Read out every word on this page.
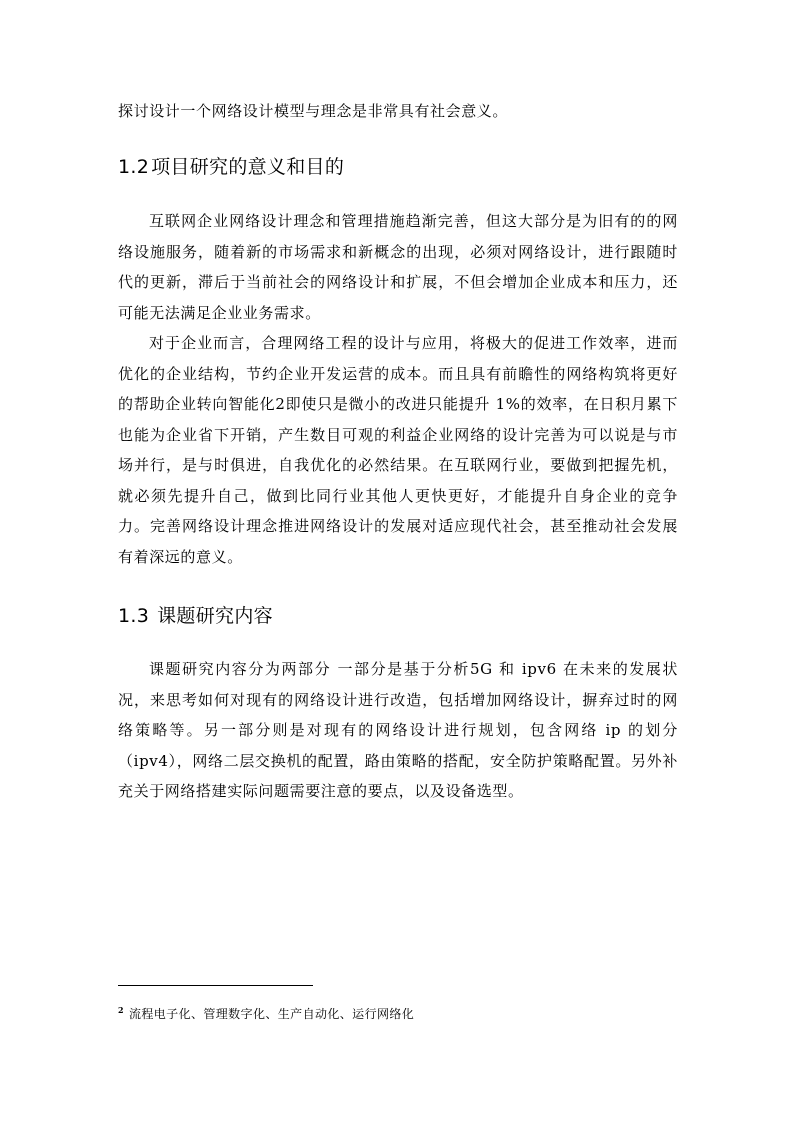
探讨设计一个网络设计模型与理念是非常具有社会意义。

1.2 项目研究的意义和目的

互联网企业网络设计理念和管理措施趋渐完善，但这大部分是为旧有的的网络设施服务，随着新的市场需求和新概念的出现，必须对网络设计，进行跟随时代的更新，滞后于当前社会的网络设计和扩展，不但会增加企业成本和压力，还可能无法满足企业业务需求。

对于企业而言，合理网络工程的设计与应用，将极大的促进工作效率，进而优化的企业结构，节约企业开发运营的成本。而且具有前瞻性的网络构筑将更好的帮助企业转向智能化2即使只是微小的改进只能提升 1%的效率，在日积月累下也能为企业省下开销，产生数目可观的利益企业网络的设计完善为可以说是与市场并行，是与时俱进，自我优化的必然结果。在互联网行业，要做到把握先机，就必须先提升自己，做到比同行业其他人更快更好，才能提升自身企业的竞争力。完善网络设计理念推进网络设计的发展对适应现代社会，甚至推动社会发展有着深远的意义。

1.3 课题研究内容

课题研究内容分为两部分 一部分是基于分析5G 和 ipv6 在未来的发展状况，来思考如何对现有的网络设计进行改造，包括增加网络设计，摒弃过时的网络策略等。另一部分则是对现有的网络设计进行规划，包含网络 ip 的划分（ipv4），网络二层交换机的配置，路由策略的搭配，安全防护策略配置。另外补充关于网络搭建实际问题需要注意的要点，以及设备选型。

$^2$ 流程电子化、管理数字化、生产自动化、运行网络化
